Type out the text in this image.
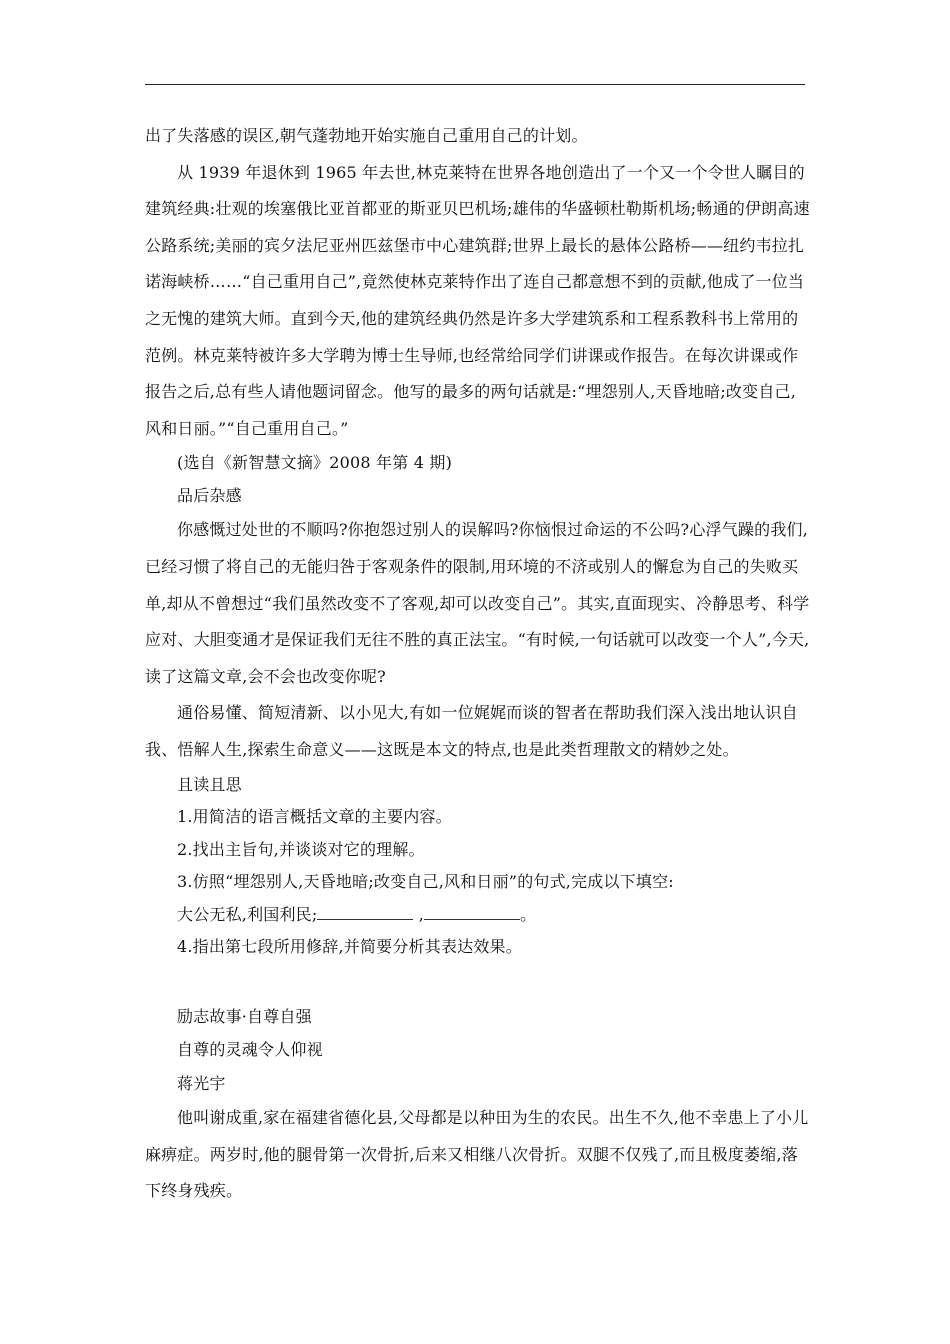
出了失落感的误区,朝气蓬勃地开始实施自己重用自己的计划。

从 1939 年退休到 1965 年去世,林克莱特在世界各地创造出了一个又一个令世人瞩目的建筑经典:壮观的埃塞俄比亚首都亚的斯亚贝巴机场;雄伟的华盛顿杜勒斯机场;畅通的伊朗高速公路系统;美丽的宾夕法尼亚州匹兹堡市中心建筑群;世界上最长的悬体公路桥——纽约韦拉扎诺海峡桥……“自己重用自己”,竟然使林克莱特作出了连自己都意想不到的贡献,他成了一位当之无愧的建筑大师。直到今天,他的建筑经典仍然是许多大学建筑系和工程系教科书上常用的范例。林克莱特被许多大学聘为博士生导师,也经常给同学们讲课或作报告。在每次讲课或作报告之后,总有些人请他题词留念。他写的最多的两句话就是:“埋怨别人,天昏地暗;改变自己,风和日丽。”“自己重用自己。”

(选自《新智慧文摘》2008 年第 4 期)

品后杂感

你感慨过处世的不顺吗?你抱怨过别人的误解吗?你恼恨过命运的不公吗?心浮气躁的我们,已经习惯了将自己的无能归咎于客观条件的限制,用环境的不济或别人的懈怠为自己的失败买单,却从不曾想过“我们虽然改变不了客观,却可以改变自己”。其实,直面现实、冷静思考、科学应对、大胆变通才是保证我们无往不胜的真正法宝。“有时候,一句话就可以改变一个人”,今天,读了这篇文章,会不会也改变你呢?

通俗易懂、简短清新、以小见大,有如一位娓娓而谈的智者在帮助我们深入浅出地认识自我、悟解人生,探索生命意义——这既是本文的特点,也是此类哲理散文的精妙之处。

且读且思

1.用简洁的语言概括文章的主要内容。

2.找出主旨句,并谈谈对它的理解。

3.仿照“埋怨别人,天昏地暗;改变自己,风和日丽”的句式,完成以下填空:

大公无私,利国利民;	,	。

4.指出第七段所用修辞,并简要分析其表达效果。

励志故事·自尊自强

自尊的灵魂令人仰视

蒋光宇

他叫谢成重,家在福建省德化县,父母都是以种田为生的农民。出生不久,他不幸患上了小儿麻痹症。两岁时,他的腿骨第一次骨折,后来又相继八次骨折。双腿不仅残了,而且极度萎缩,落下终身残疾。
